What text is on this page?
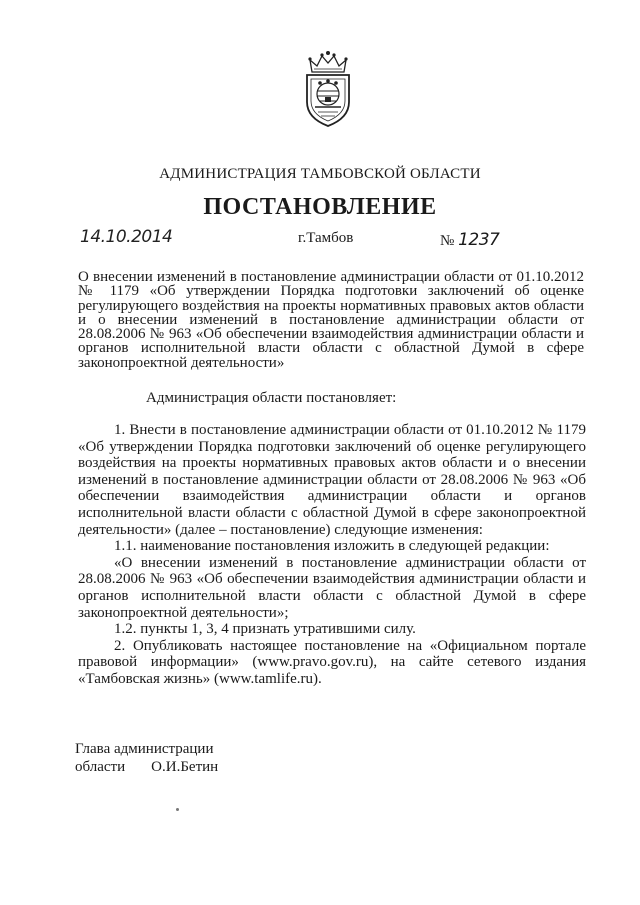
АДМИНИСТРАЦИЯ ТАМБОВСКОЙ ОБЛАСТИ
ПОСТАНОВЛЕНИЕ
14.10.2014	г.Тамбов	№ 1237
О внесении изменений в постановление администрации области от 01.10.2012 № 1179 «Об утверждении Порядка подготовки заключений об оценке регулирующего воздействия на проекты нормативных правовых актов области и о внесении изменений в постановление администрации области от 28.08.2006 № 963 «Об обеспечении взаимодействия администрации области и органов исполнительной власти области с областной Думой в сфере законопроектной деятельности»
Администрация области постановляет:

1. Внести в постановление администрации области от 01.10.2012 № 1179 «Об утверждении Порядка подготовки заключений об оценке регулирующего воздействия на проекты нормативных правовых актов области и о внесении изменений в постановление администрации области от 28.08.2006 № 963 «Об обеспечении взаимодействия администрации области и органов исполнительной власти области с областной Думой в сфере законопроектной деятельности» (далее – постановление) следующие изменения:

1.1. наименование постановления изложить в следующей редакции:

«О внесении изменений в постановление администрации области от 28.08.2006 № 963 «Об обеспечении взаимодействия администрации области и органов исполнительной власти области с областной Думой в сфере законопроектной деятельности»;

1.2. пункты 1, 3, 4 признать утратившими силу.

2. Опубликовать настоящее постановление на «Официальном портале правовой информации» (www.pravo.gov.ru), на сайте сетевого издания «Тамбовская жизнь» (www.tamlife.ru).

Глава администрации
области О.И.Бетин
